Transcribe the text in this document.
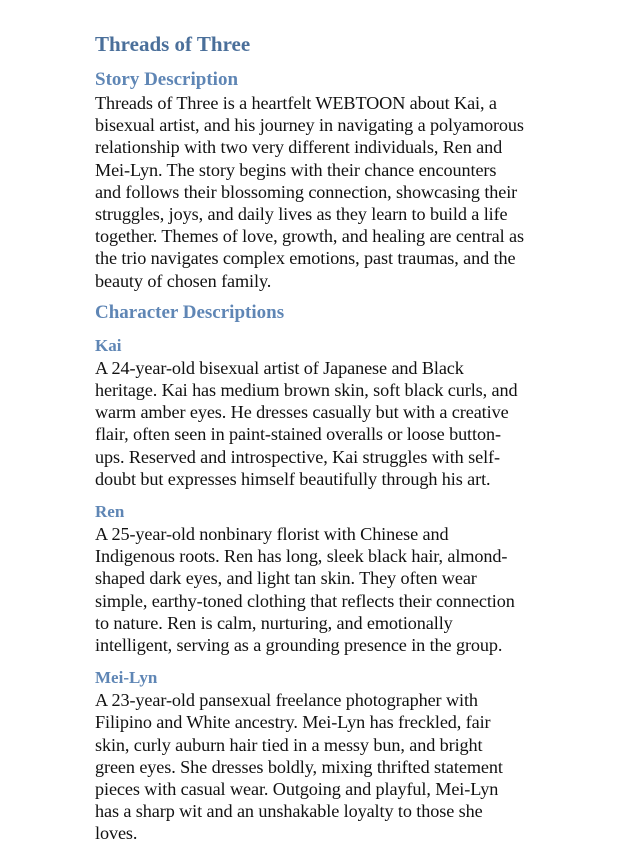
Threads of Three
Story Description

Threads of Three is a heartfelt WEBTOON about Kai, a
bisexual artist, and his journey in navigating a polyamorous
relationship with two very different individuals, Ren and
Mei-Lyn. The story begins with their chance encounters
and follows their blossoming connection, showcasing their
struggles, joys, and daily lives as they learn to build a life
together. Themes of love, growth, and healing are central as
the trio navigates complex emotions, past traumas, and the
beauty of chosen family.

Character Descriptions
Kai

A 24-year-old bisexual artist of Japanese and Black
heritage. Kai has medium brown skin, soft black curls, and
warm amber eyes. He dresses casually but with a creative
flair, often seen in paint-stained overalls or loose button-
ups. Reserved and introspective, Kai struggles with self-
doubt but expresses himself beautifully through his art.

Ren

A 25-year-old nonbinary florist with Chinese and
Indigenous roots. Ren has long, sleek black hair, almond-
shaped dark eyes, and light tan skin. They often wear
simple, earthy-toned clothing that reflects their connection
to nature. Ren is calm, nurturing, and emotionally
intelligent, serving as a grounding presence in the group.

Mei-Lyn

A 23-year-old pansexual freelance photographer with
Filipino and White ancestry. Mei-Lyn has freckled, fair
skin, curly auburn hair tied in a messy bun, and bright
green eyes. She dresses boldly, mixing thrifted statement
pieces with casual wear. Outgoing and playful, Mei-Lyn
has a sharp wit and an unshakable loyalty to those she
loves.
